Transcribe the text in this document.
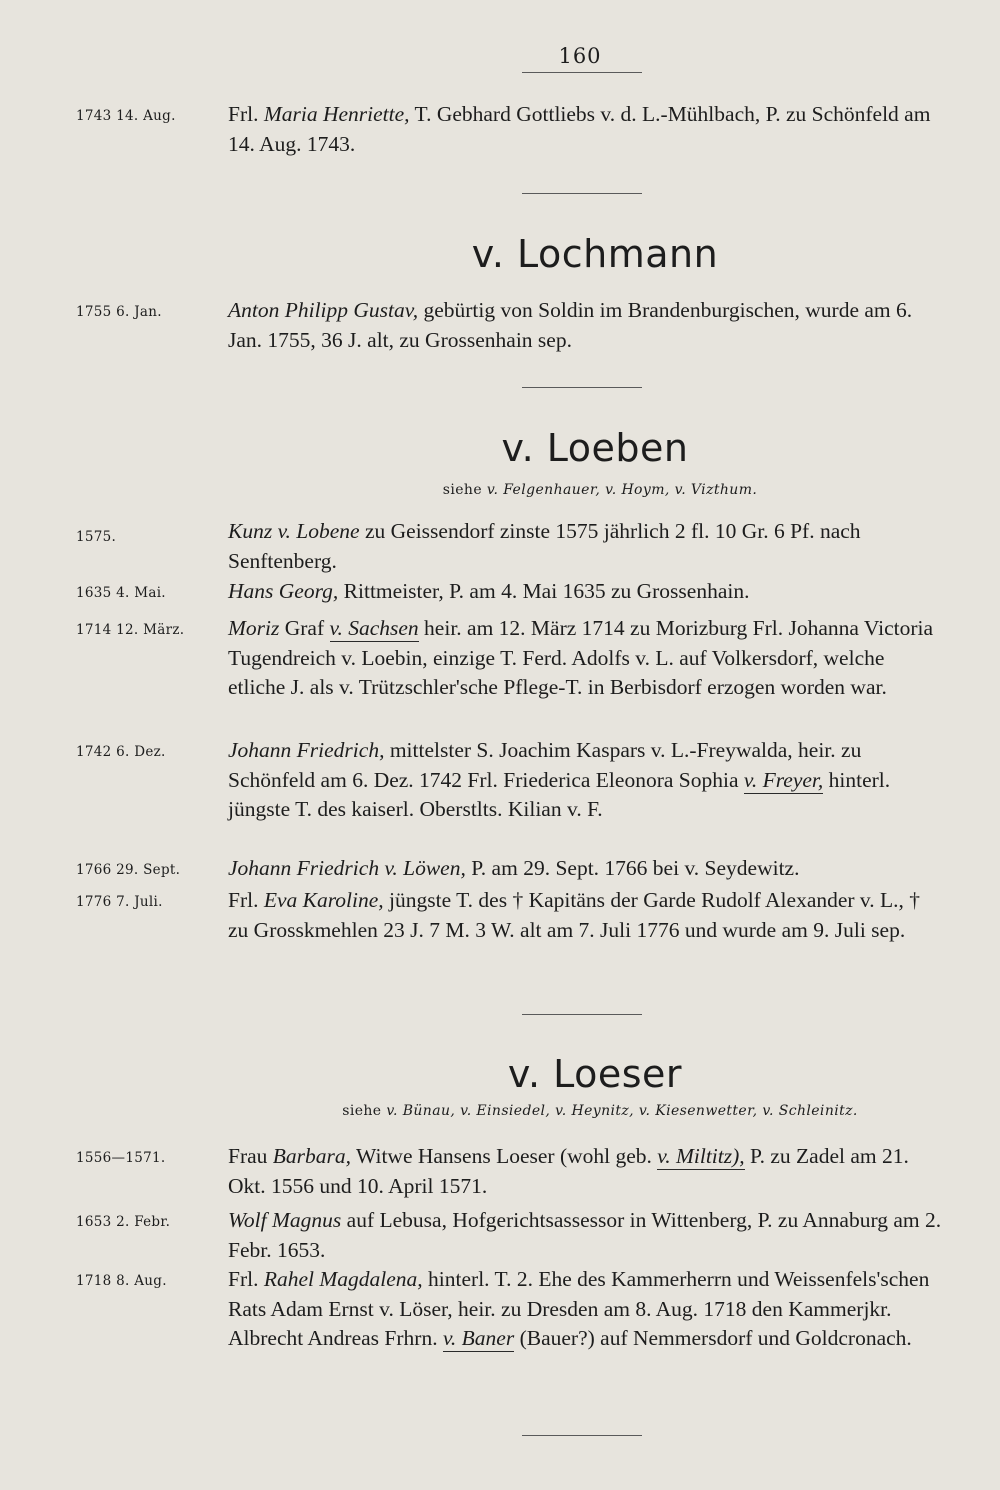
160
1743 14. Aug.	Frl. Maria Henriette, T. Gebhard Gottliebs v. d. L.-Mühlbach, P. zu Schönfeld am 14. Aug. 1743.
v. Lochmann
1755 6. Jan.	Anton Philipp Gustav, gebürtig von Soldin im Brandenburgischen, wurde am 6. Jan. 1755, 36 J. alt, zu Grossenhain sep.
v. Loeben
siehe v. Felgenhauer, v. Hoym, v. Vizthum.
1575.	Kunz v. Lobene zu Geissendorf zinste 1575 jährlich 2 fl. 10 Gr. 6 Pf. nach Senftenberg.
1635 4. Mai.	Hans Georg, Rittmeister, P. am 4. Mai 1635 zu Grossenhain.
1714 12. März.	Moriz Graf v. Sachsen heir. am 12. März 1714 zu Morizburg Frl. Johanna Victoria Tugendreich v. Loebin, einzige T. Ferd. Adolfs v. L. auf Volkersdorf, welche etliche J. als v. Trützschler'sche Pflege-T. in Berbisdorf erzogen worden war.
1742 6. Dez.	Johann Friedrich, mittelster S. Joachim Kaspars v. L.-Freywalda, heir. zu Schönfeld am 6. Dez. 1742 Frl. Friederica Eleonora Sophia v. Freyer, hinterl. jüngste T. des kaiserl. Oberstlts. Kilian v. F.
1766 29. Sept.	Johann Friedrich v. Löwen, P. am 29. Sept. 1766 bei v. Seydewitz.
1776 7. Juli.	Frl. Eva Karoline, jüngste T. des † Kapitäns der Garde Rudolf Alexander v. L., † zu Grosskmehlen 23 J. 7 M. 3 W. alt am 7. Juli 1776 und wurde am 9. Juli sep.
v. Loeser
siehe v. Bünau, v. Einsiedel, v. Heynitz, v. Kiesenwetter, v. Schleinitz.
1556—1571.	Frau Barbara, Witwe Hansens Loeser (wohl geb. v. Miltitz), P. zu Zadel am 21. Okt. 1556 und 10. April 1571.
1653 2. Febr.	Wolf Magnus auf Lebusa, Hofgerichtsassessor in Wittenberg, P. zu Annaburg am 2. Febr. 1653.
1718 8. Aug.	Frl. Rahel Magdalena, hinterl. T. 2. Ehe des Kammerherrn und Weissenfels'schen Rats Adam Ernst v. Löser, heir. zu Dresden am 8. Aug. 1718 den Kammerjkr. Albrecht Andreas Frhrn. v. Baner (Bauer?) auf Nemmersdorf und Goldcronach.
